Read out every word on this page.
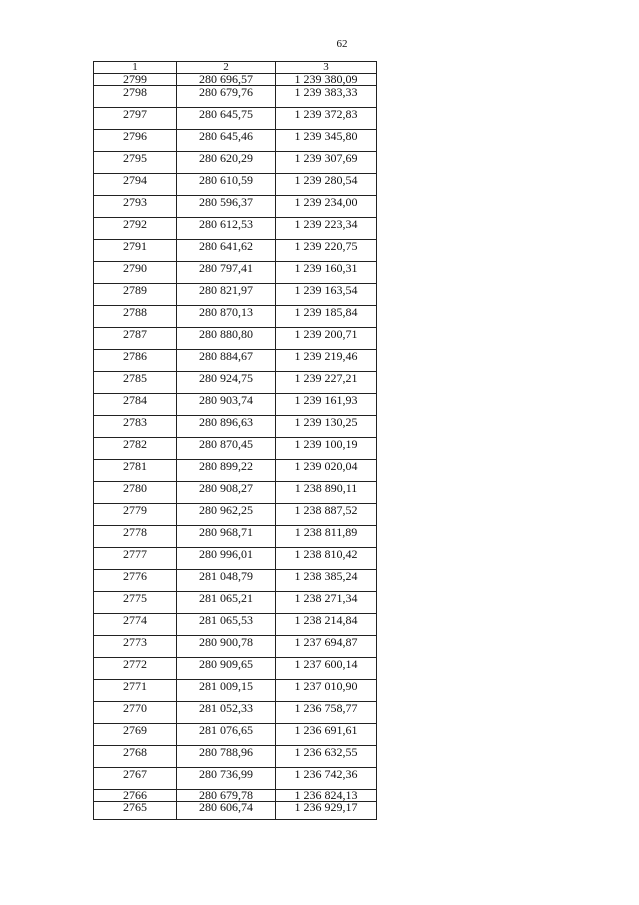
62
1	2	3
2799	280 696,57	1 239 380,09
2798	280 679,76	1 239 383,33
2797	280 645,75	1 239 372,83
2796	280 645,46	1 239 345,80
2795	280 620,29	1 239 307,69
2794	280 610,59	1 239 280,54
2793	280 596,37	1 239 234,00
2792	280 612,53	1 239 223,34
2791	280 641,62	1 239 220,75
2790	280 797,41	1 239 160,31
2789	280 821,97	1 239 163,54
2788	280 870,13	1 239 185,84
2787	280 880,80	1 239 200,71
2786	280 884,67	1 239 219,46
2785	280 924,75	1 239 227,21
2784	280 903,74	1 239 161,93
2783	280 896,63	1 239 130,25
2782	280 870,45	1 239 100,19
2781	280 899,22	1 239 020,04
2780	280 908,27	1 238 890,11
2779	280 962,25	1 238 887,52
2778	280 968,71	1 238 811,89
2777	280 996,01	1 238 810,42
2776	281 048,79	1 238 385,24
2775	281 065,21	1 238 271,34
2774	281 065,53	1 238 214,84
2773	280 900,78	1 237 694,87
2772	280 909,65	1 237 600,14
2771	281 009,15	1 237 010,90
2770	281 052,33	1 236 758,77
2769	281 076,65	1 236 691,61
2768	280 788,96	1 236 632,55
2767	280 736,99	1 236 742,36
2766	280 679,78	1 236 824,13
2765	280 606,74	1 236 929,17
